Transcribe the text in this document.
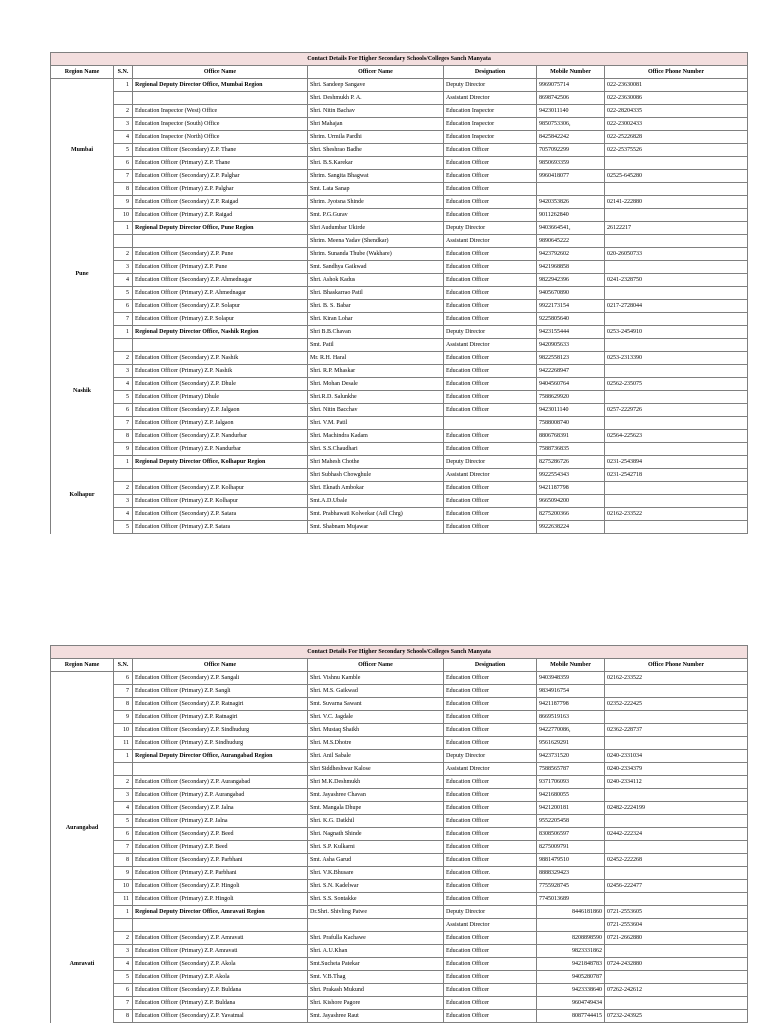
Contact Details For Higher Secondary Schools/Colleges Sanch Manyata						
Region Name	S.N.	Office Name	Officer Name	Designation	Mobile Number	Office Phone Number
Mumbai	1	Regional Deputy Director Office, Mumbai Region	Shri. Sandeep Sangave	Deputy Director	9969075714	022-23630081
			Shri. Deshmukh P. A.	Assistant Director	8698742506	022-23630086
	2	Education Inspector (West) Office	Shri. Nitin Bachav	Education Inspector	9423011140	022-28204335
	3	Education Inspector (South) Office	Shri Mahajan	Education Inspector	9850753306,	022-23002433
	4	Education Inspector (North) Office	Shrim. Urmila Pardhi	Education Inspector	8425842242	022-25226828
	5	Education Officer (Secondary) Z.P. Thane	Shri. Sheshrao Badhe	Education Officer	7057092299	022-25375526
	6	Education Officer (Primary) Z.P. Thane	Shri. B.S.Karekar	Education Officer	9850693359	
	7	Education Officer (Secondary) Z.P. Palghar	Shrim. Sangita Bhagwat	Education Officer	9960418077	02525-645280
	8	Education Officer (Primary) Z.P. Palghar	Smt. Lata Sanap	Education Officer		
	9	Education Officer (Secondary) Z.P. Raigad	Shrim. Jyotsna Shinde	Education Officer	9420353826	02141-222880
	10	Education Officer (Primary) Z.P. Raigad	Smt. P.G.Gurav	Education Officer	9011262840	
Pune	1	Regional Deputy Director Office, Pune Region	Shri Audumbar Ukirde	Deputy Director	9403664541,	26122217
			Shrim. Meena Yadav (Shendkar)	Assistant Director	9890645222	
	2	Education Officer (Secondary) Z.P. Pune	Shrim. Sunanda Thube (Wakhare)	Education Officer	9423792602	020-26050733
	3	Education Officer (Primary) Z.P. Pune	Smt. Sandhya Gaikwad	Education Officer	9421968858	
	4	Education Officer (Secondary) Z.P. Ahmednagar	Shri. Ashok Kadus	Education Officer	9822942396	0241-2328750
	5	Education Officer (Primary) Z.P. Ahmednagar	Shri. Bhaskarrao Patil	Education Officer	9405670890	
	6	Education Officer (Secondary) Z.P. Solapur	Shri. B. S. Babar	Education Officer	9922173154	0217-2728044
	7	Education Officer (Primary) Z.P. Solapur	Shri. Kiran Lohar	Education Officer	9225805640	
Nashik	1	Regional Deputy Director Office, Nashik Region	Shri B.B.Chavan	Deputy Director	9423155444	0253-2454910
			Smt. Patil	Assistant Director	9420905633	
	2	Education Officer (Secondary) Z.P. Nashik	Mr. R.H. Haral	Education Officer	9822558123	0253-2313390
	3	Education Officer (Primary) Z.P. Nashik	Shri. R.P. Mhaskar	Education Officer	9422268947	
	4	Education Officer (Secondary) Z.P. Dhule	Shri. Mohan Desale	Education Officer	9404560764	02562-235075
	5	Education Officer (Primary) Dhule	Shri.R.D. Salunkhe	Education Officer	7588629920	
	6	Education Officer (Secondary) Z.P. Jalgaon	Shri. Nitin Bacchav	Education Officer	9423011140	0257-2229726
	7	Education Officer (Primary) Z.P. Jalgaon	Shri. V.M. Patil		7588008740	
	8	Education Officer (Secondary) Z.P. Nandurbar	Shri. Machindra Kadam	Education Officer	8806768391	02564-225623
	9	Education Officer (Primary) Z.P. Nandurbar	Shri. S.S.Chaudhari	Education Officer	7588736835	
Kolhapur	1	Regional Deputy Director Office, Kolhapur Region	Shri Mahesh Chothe	Deputy Director	8275286726	0231-2543894
			Shri Subhash Chowghule	Assistant Director	9922554343	0231-2542718
	2	Education Officer (Secondary) Z.P. Kolhapur	Shri. Eknath Ambokar	Education Officer	9421187798	
	3	Education Officer (Primary) Z.P. Kolhapur	Smt.A.D.Ubale	Education Officer	9665094200	
	4	Education Officer (Secondary) Z.P. Satara	Smt. Prabhawati Kolwekar (Adl Chrg)	Education Officer	8275200366	02162-233522
	5	Education Officer (Primary) Z.P. Satara	Smt. Shabnam Mujawar	Education Officer	9922638224	
Contact Details For Higher Secondary Schools/Colleges Sanch Manyata						
Region Name	S.N.	Office Name	Officer Name	Designation	Mobile Number	Office Phone Number
	6	Education Officer (Secondary) Z.P. Sangali	Shri. Vishnu Kamble	Education Officer	9403948359	02162-233522
	7	Education Officer (Primary) Z.P. Sangli	Shri. M.S. Gaikwad	Education Officer	9834916754	
	8	Education Officer (Secondary) Z.P. Ratnagiri	Smt. Suvarna Sawant	Education Officer	9421187798	02352-222425
	9	Education Officer (Primary) Z.P. Ratnagiri	Shri. V.C. Jagdale	Education Officer	8669519163	
	10	Education Officer (Secondary) Z.P. Sindhudurg	Shri. Mustaq Shaikh	Education Officer	9422770086,	02362-228737
	11	Education Officer (Primary) Z.P. Sindhudurg	Shri. M.S.Dhotre	Education Officer	9561629291	
Aurangabad	1	Regional Deputy Director Office, Aurangabad Region	Shri. Anil Sabale	Deputy Director	9423731520	0240-2331034
			Shri Siddheshwar Kalose	Assistant Director	7588565787	0240-2334379
	2	Education Officer (Secondary) Z.P. Aurangabad	Shri M.K.Deshmukh	Education Officer	9371706093	0240-2334112
	3	Education Officer (Primary) Z.P. Aurangabad	Smt. Jayashree Chavan	Education Officer	9421680055	
	4	Education Officer (Secondary) Z.P. Jalna	Smt. Mangala Dhupe	Education Officer	9421200181	02482-2224199
	5	Education Officer (Primary) Z.P. Jalna	Shri. K.G. Datkhil	Education Officer	9552205458	
	6	Education Officer (Secondary) Z.P. Beed	Shri. Nagnath Shinde	Education Officer	8308506597	02442-222324
	7	Education Officer (Primary) Z.P. Beed	Shri. S.P. Kulkarni	Education Officer	8275009791	
	8	Education Officer (Secondary) Z.P. Parbhani	Smt. Asha Garud	Education Officer	9881479510	02452-222268
	9	Education Officer (Primary) Z.P. Parbhani	Shri. V.K.Bhusare	Education Officer.	8888329423	
	10	Education Officer (Secondary) Z.P. Hingoli	Shri. S.N. Kadelwar	Education Officer	7755928745	02456-222477
	11	Education Officer (Primary) Z.P. Hingoli	Shri. S.S. Sontakke	Education Officer	7745013689	
Amravati	1	Regional Deputy Director Office, Amravati Region	Dr.Shri. Shivling Patwe	Deputy Director	8446181860	0721-2553605
				Assistant Director		0721-2553604
	2	Education Officer (Secondary) Z.P. Amravati	Shri. Prafulla Kachawe	Education Officer	8208898590	0721-2662880
	3	Education Officer (Primary) Z.P. Amravati	Shri. A.U.Khan	Education Officer	9823331862	
	4	Education Officer (Secondary) Z.P. Akola	Smt.Sucheta Patekar	Education Officer	9421848783	0724-2432880
	5	Education Officer (Primary) Z.P. Akola	Smt. V.B.Thag	Education Officer	9405280787	
	6	Education Officer (Secondary) Z.P. Buldana	Shri. Prakash Mukund	Education Officer	9423338640	07262-242612
	7	Education Officer (Primary) Z.P. Buldana	Shri. Kishore Pagore	Education Officer	9604749434	
	8	Education Officer (Secondary) Z.P. Yavatmal	Smt. Jayashree Raut	Education Officer	8087744415	07232-243925
